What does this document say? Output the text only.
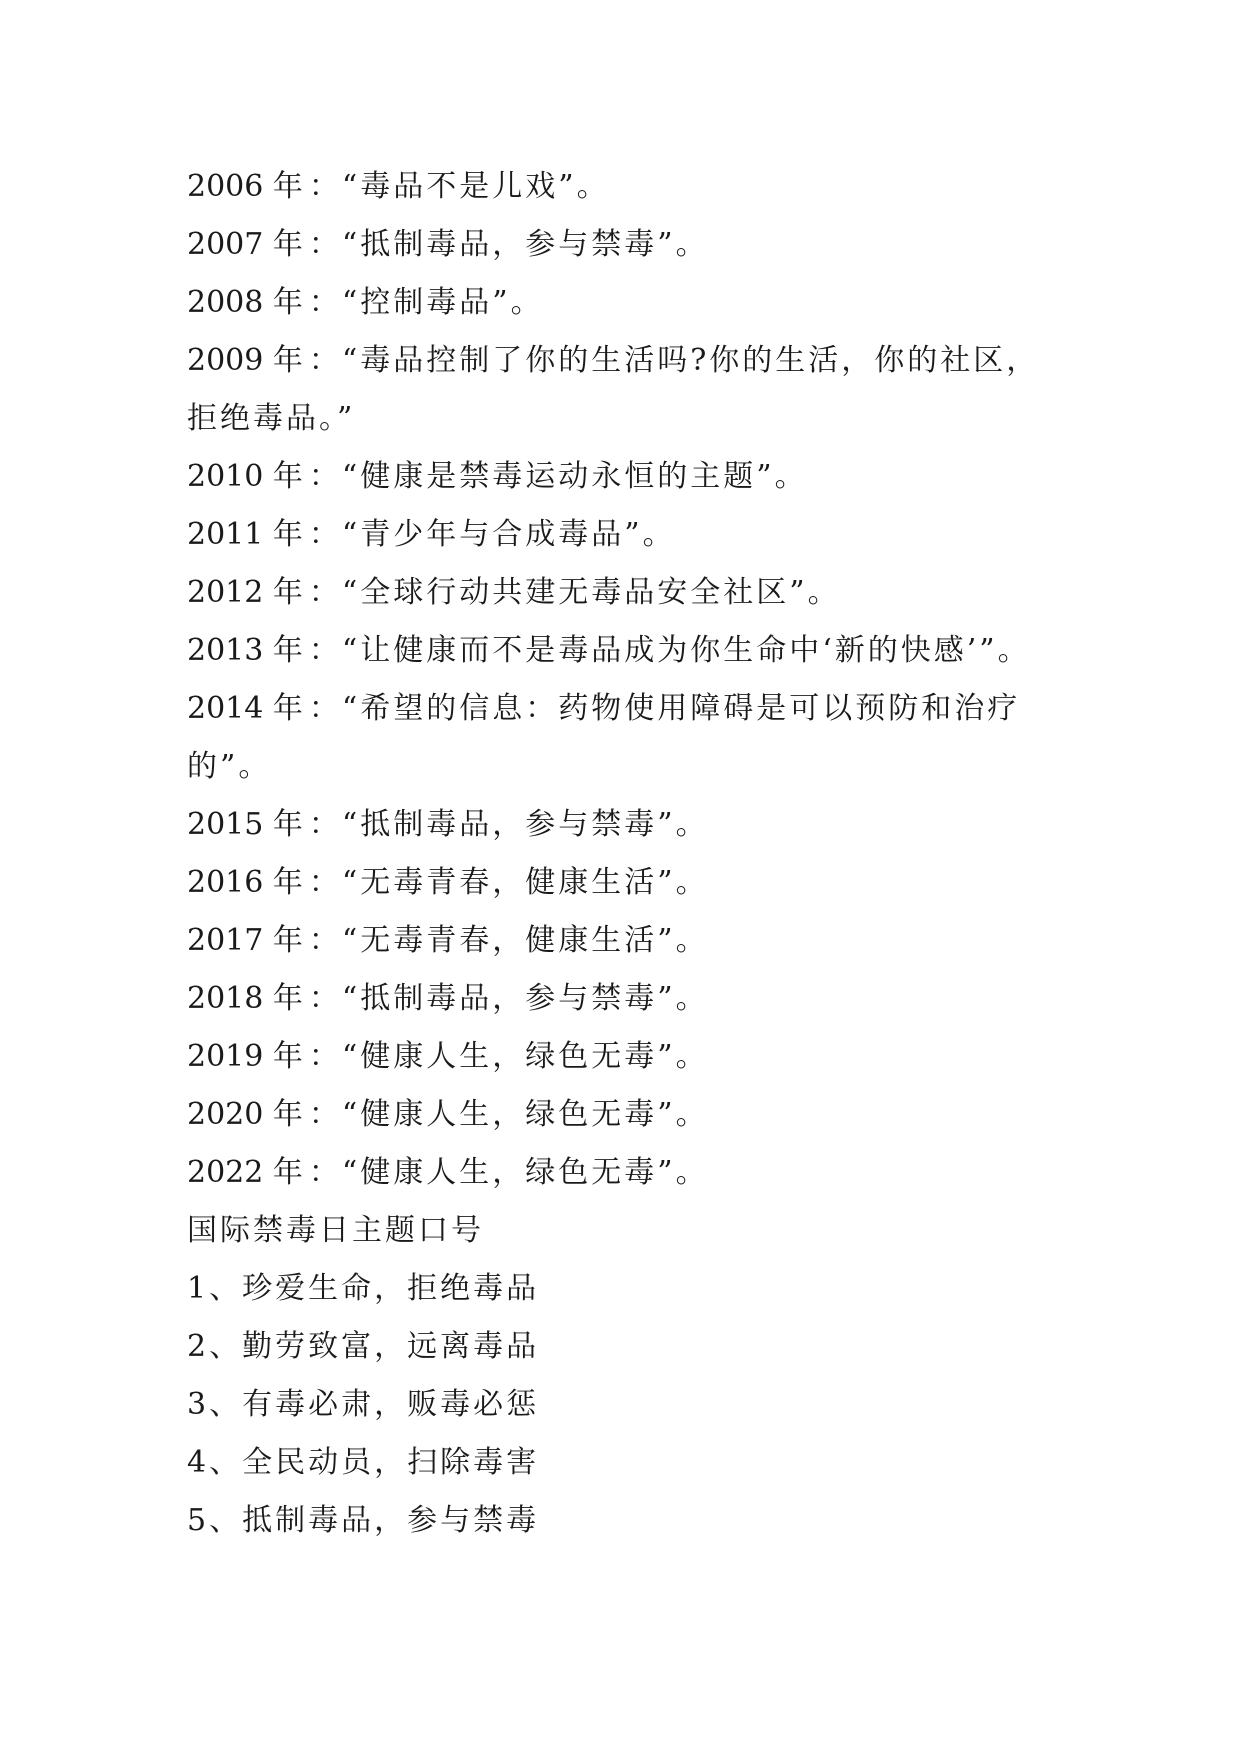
2006 年 ：“毒品不是儿戏”。

2007 年 ：“抵制毒品，参与禁毒”。

2008 年 ：“控制毒品”。

2009 年 ：“毒品控制了你的生活吗?你的生活，你的社区，拒绝毒品。”

2010 年 ：“健康是禁毒运动永恒的主题”。

2011 年 ：“青少年与合成毒品”。

2012 年 ：“全球行动共建无毒品安全社区”。

2013 年 ：“让健康而不是毒品成为你生命中‘新的快感’”。

2014 年 ：“希望的信息：药物使用障碍是可以预防和治疗的”。

2015 年 ：“抵制毒品，参与禁毒”。

2016 年 ：“无毒青春，健康生活”。

2017 年 ：“无毒青春，健康生活”。

2018 年 ：“抵制毒品，参与禁毒”。

2019 年 ：“健康人生，绿色无毒”。

2020 年 ：“健康人生，绿色无毒”。

2022 年 ：“健康人生，绿色无毒”。

国际禁毒日主题口号

1、珍爱生命，拒绝毒品

2、勤劳致富，远离毒品

3、有毒必肃，贩毒必惩

4、全民动员，扫除毒害

5、抵制毒品，参与禁毒
